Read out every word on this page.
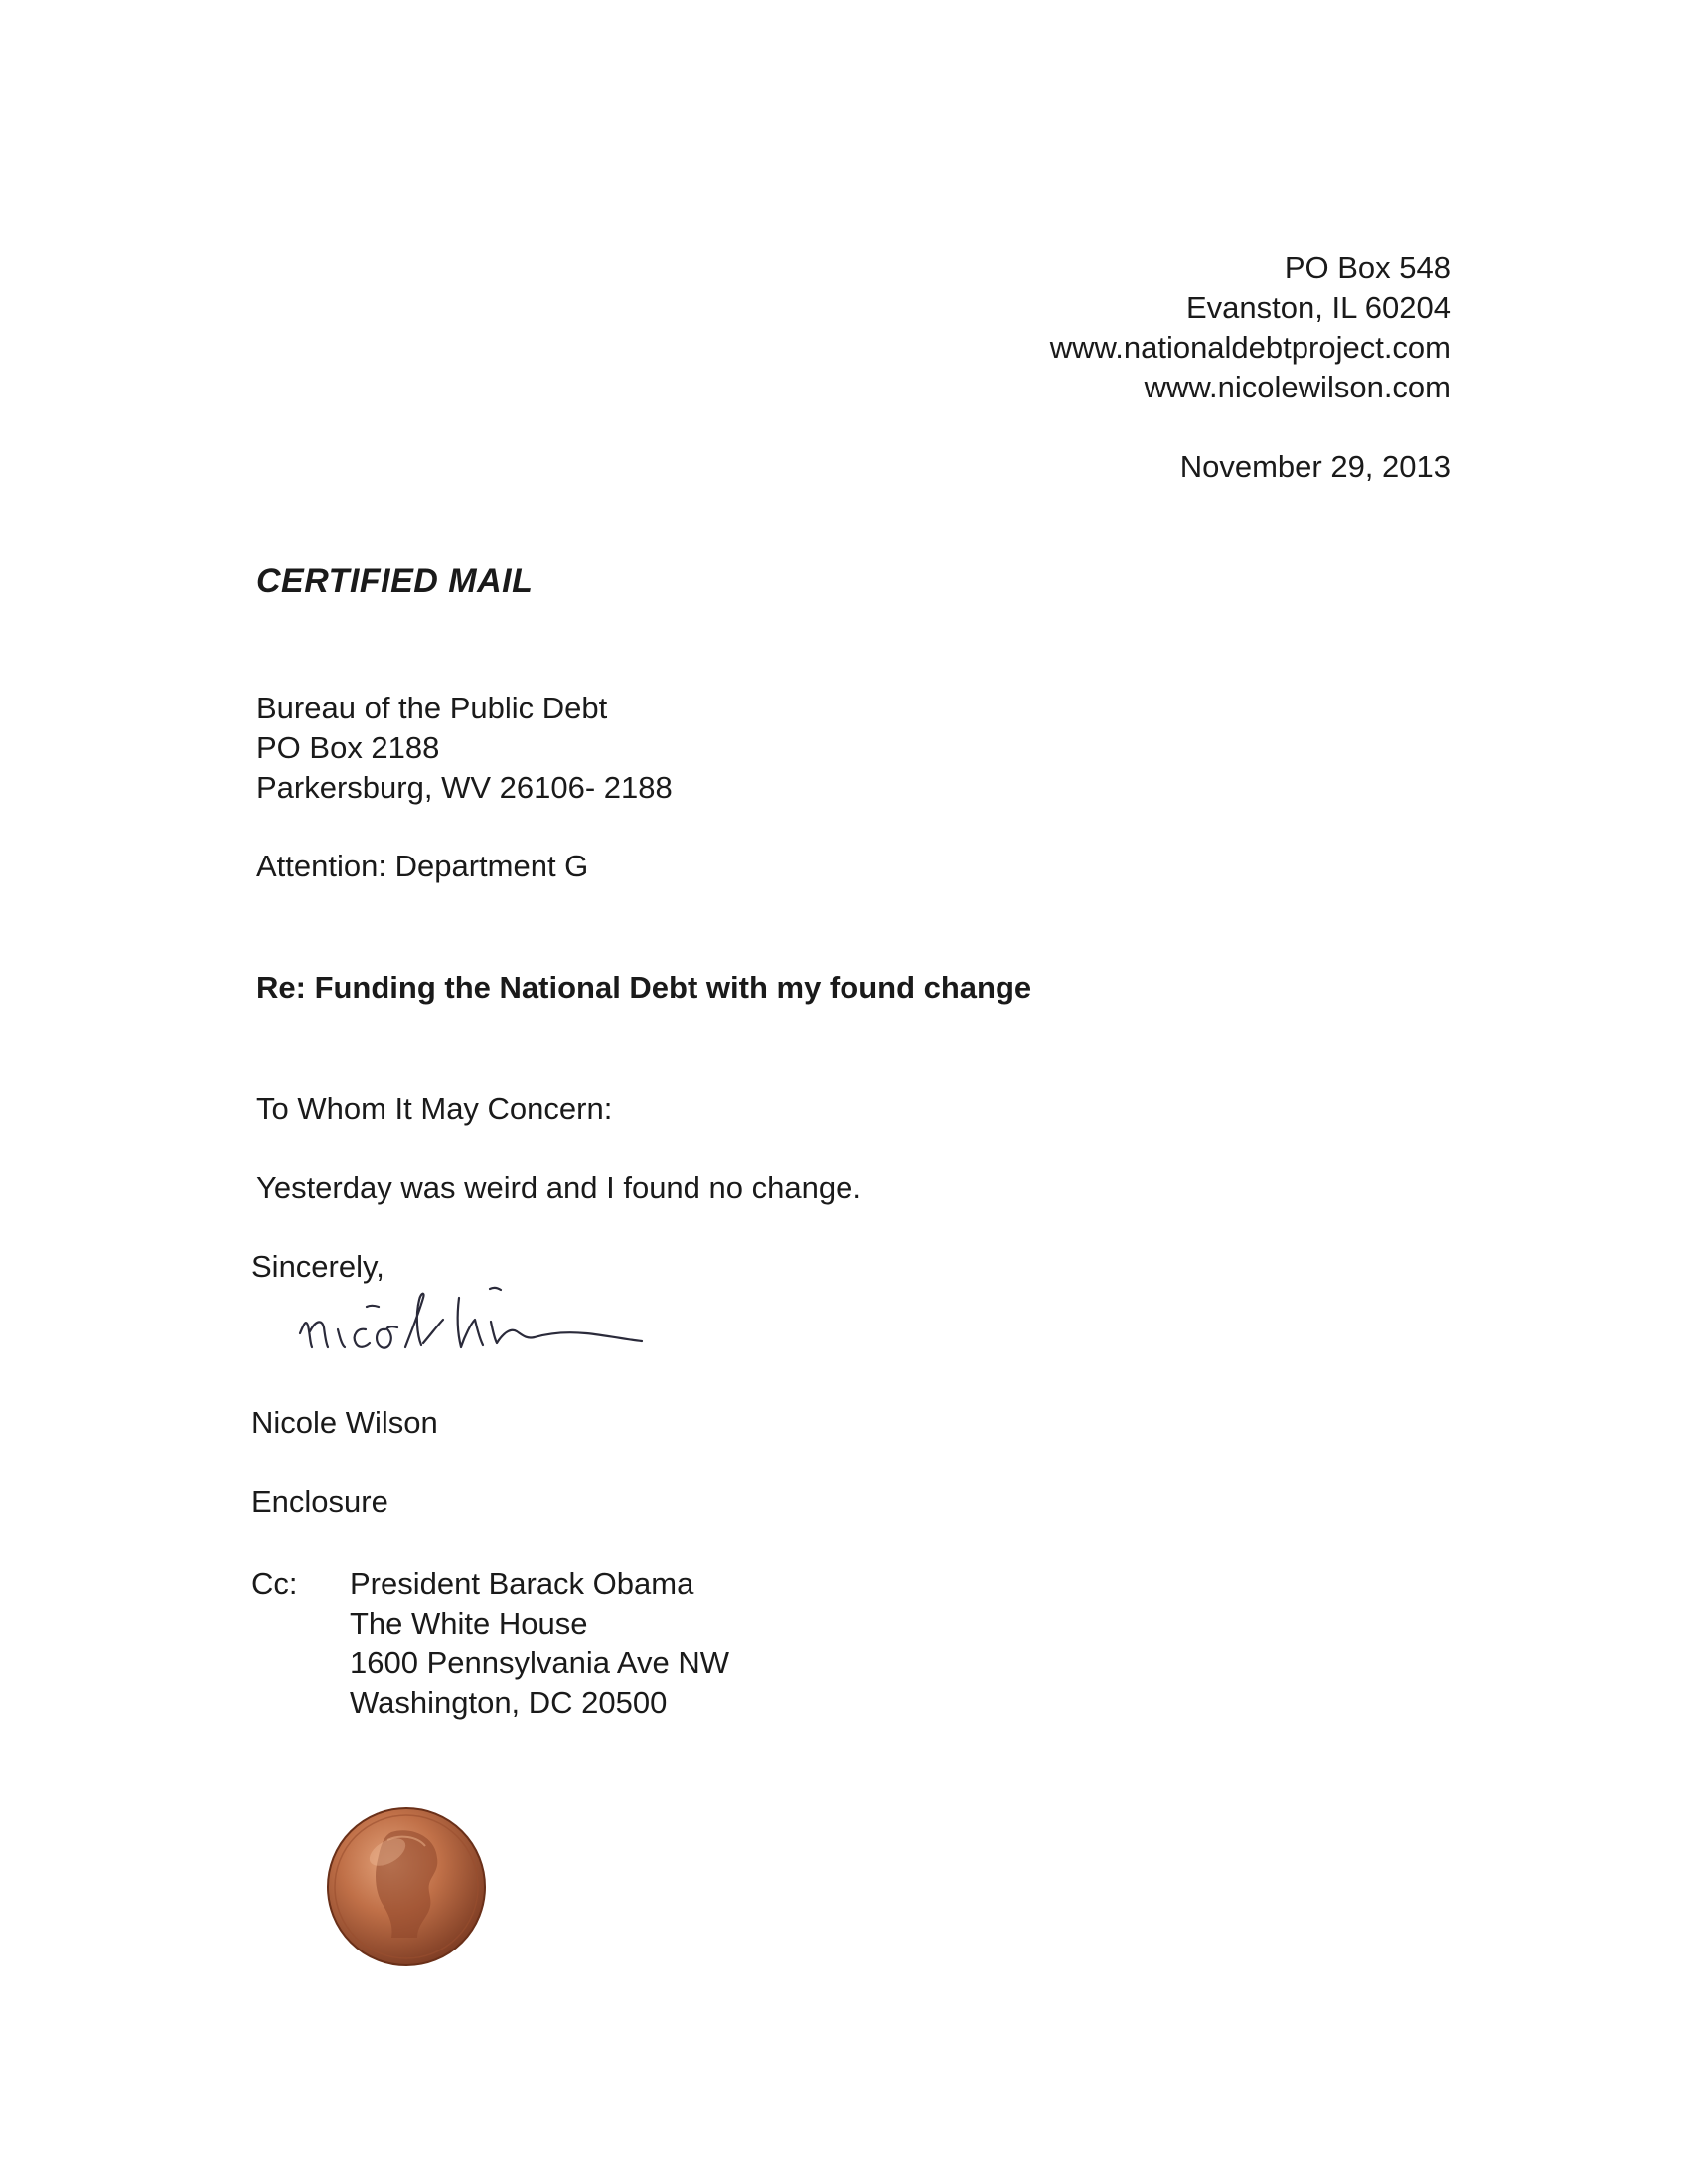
PO Box 548
Evanston, IL 60204
www.nationaldebtproject.com
www.nicolewilson.com
November 29, 2013
CERTIFIED MAIL
Bureau of the Public Debt
PO Box 2188
Parkersburg, WV 26106- 2188
Attention: Department G
Re: Funding the National Debt with my found change
To Whom It May Concern:
Yesterday was weird and I found no change.
Sincerely,
Nicole Wilson
Enclosure
Cc: President Barack Obama
The White House
1600 Pennsylvania Ave NW
Washington, DC 20500
